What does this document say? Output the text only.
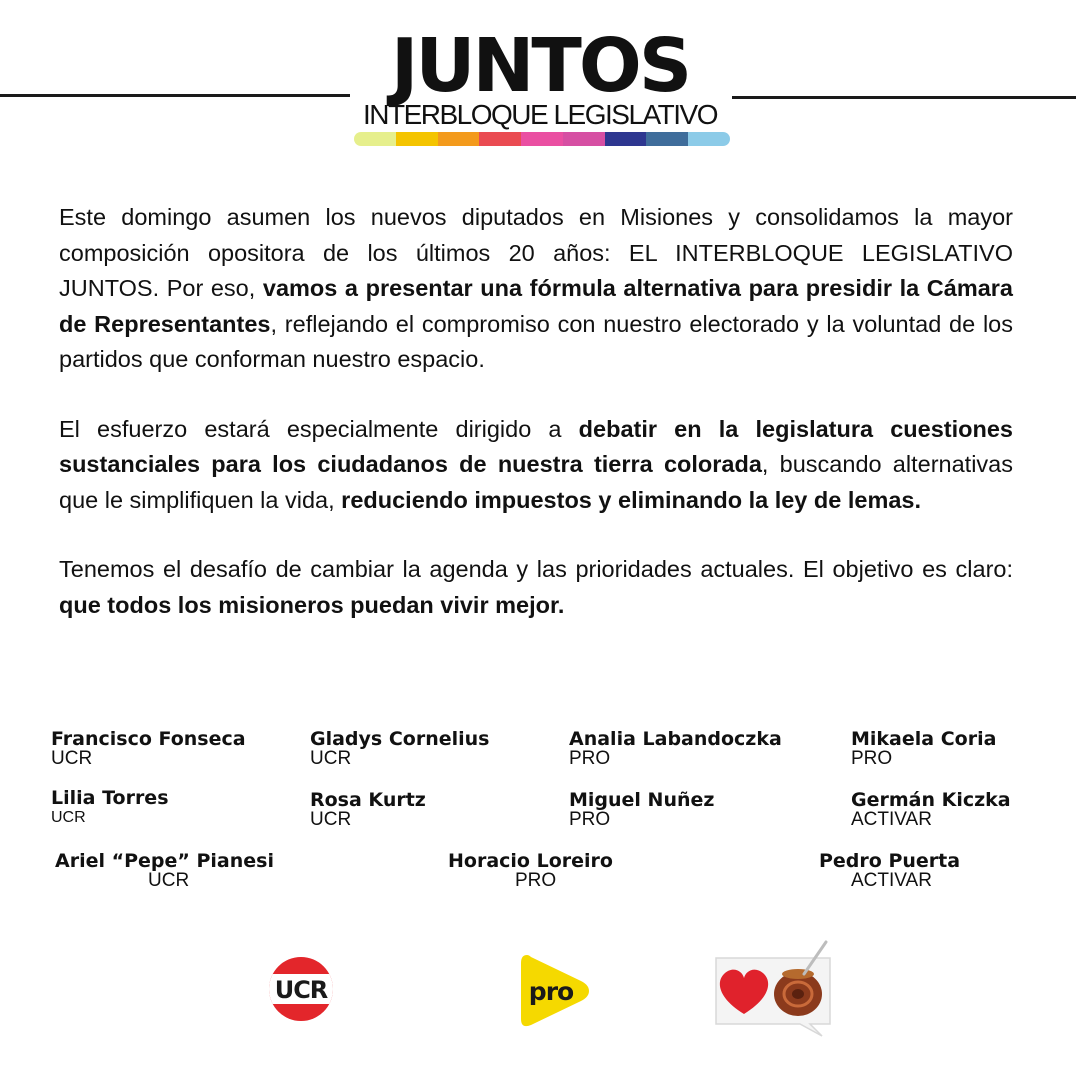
JUNTOS
INTERBLOQUE LEGISLATIVO

Este domingo asumen los nuevos diputados en Misiones y consolidamos la mayor composición opositora de los últimos 20 años: EL INTERBLOQUE LEGISLATIVO JUNTOS. Por eso, vamos a presentar una fórmula alternativa para presidir la Cámara de Representantes, reflejando el compromiso con nuestro electorado y la voluntad de los partidos que conforman nuestro espacio.

El esfuerzo estará especialmente dirigido a debatir en la legislatura cuestiones sustanciales para los ciudadanos de nuestra tierra colorada, buscando alternativas que le simplifiquen la vida, reduciendo impuestos y eliminando la ley de lemas.

Tenemos el desafío de cambiar la agenda y las prioridades actuales. El objetivo es claro: que todos los misioneros puedan vivir mejor.

Francisco Fonseca
UCR
Gladys Cornelius
UCR
Analia Labandoczka
PRO
Mikaela Coria
PRO
Lilia Torres
UCR
Rosa Kurtz
UCR
Miguel Nuñez
PRO
Germán Kiczka
ACTIVAR
Ariel “Pepe” Pianesi
UCR
Horacio Loreiro
PRO
Pedro Puerta
ACTIVAR
UCR	pro
